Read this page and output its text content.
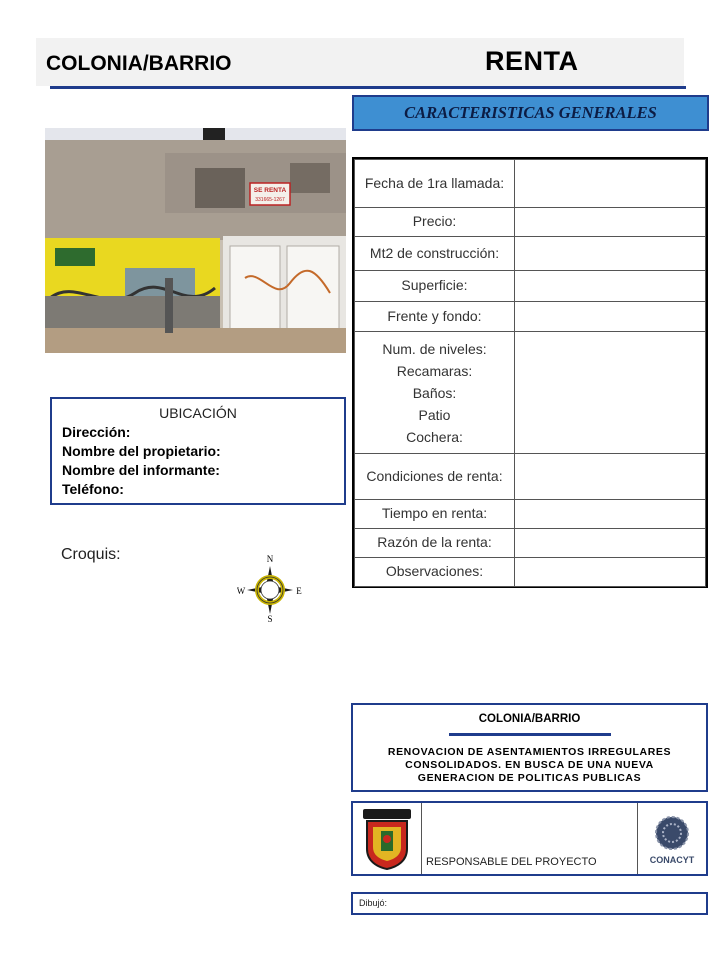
COLONIA/BARRIO	RENTA
SE RENTA
331665-1267
CARACTERISTICAS GENERALES
Fecha de 1ra llamada:	
Precio:	
Mt2 de construcción:	
Superficie:	
Frente y fondo:	

Num. de niveles:
Recamaras:
Baños:
Patio
Cochera:	

Condiciones de renta:	
Tiempo en renta:	
Razón de la renta:	
Observaciones:	
UBICACIÓN
Dirección:
Nombre del propietario:
Nombre del informante:
Teléfono:
Croquis:	N
S
W	E
COLONIA/BARRIO
RENOVACION DE ASENTAMIENTOS IRREGULARES CONSOLIDADOS. EN BUSCA DE UNA NUEVA GENERACION DE POLITICAS PUBLICAS
RESPONSABLE DEL PROYECTO	CONACYT
Dibujó:
